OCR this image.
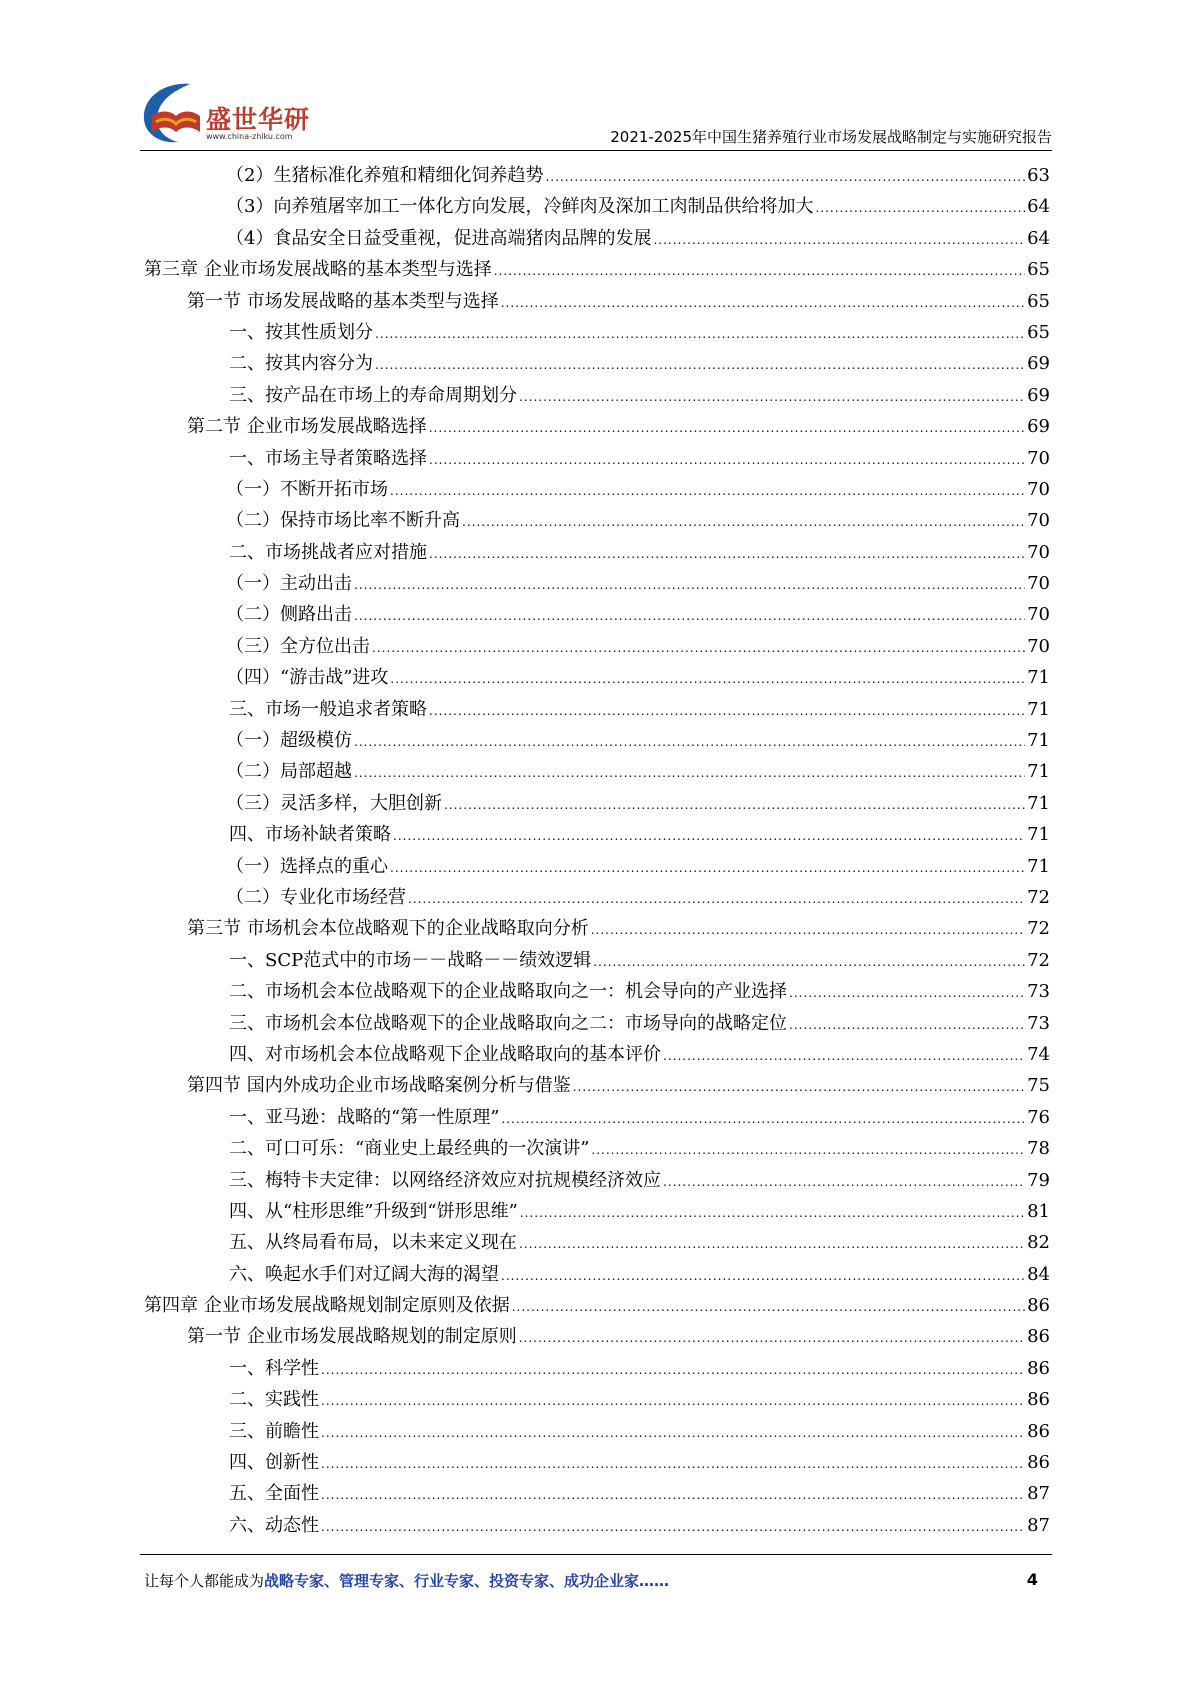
盛世华研
www.china-zhiku.com	2021-2025年中国生猪养殖行业市场发展战略制定与实施研究报告
（2）生猪标准化养殖和精细化饲养趋势 .....	63
（3）向养殖屠宰加工一体化方向发展，冷鲜肉及深加工肉制品供给将加大 .....	64
（4）食品安全日益受重视，促进高端猪肉品牌的发展 .....	64
第三章 企业市场发展战略的基本类型与选择 .....	65
第一节 市场发展战略的基本类型与选择 .....	65
一、按其性质划分 .....	65
二、按其内容分为 .....	69
三、按产品在市场上的寿命周期划分 .....	69
第二节 企业市场发展战略选择 .....	69
一、市场主导者策略选择 .....	70
（一）不断开拓市场 .....	70
（二）保持市场比率不断升高 .....	70
二、市场挑战者应对措施 .....	70
（一）主动出击 .....	70
（二）侧路出击 .....	70
（三）全方位出击 .....	70
（四）“游击战”进攻 .....	71
三、市场一般追求者策略 .....	71
（一）超级模仿 .....	71
（二）局部超越 .....	71
（三）灵活多样，大胆创新 .....	71
四、市场补缺者策略 .....	71
（一）选择点的重心 .....	71
（二）专业化市场经营 .....	72
第三节 市场机会本位战略观下的企业战略取向分析 .....	72
一、SCP范式中的市场－－战略－－绩效逻辑 .....	72
二、市场机会本位战略观下的企业战略取向之一：机会导向的产业选择 .....	73
三、市场机会本位战略观下的企业战略取向之二：市场导向的战略定位 .....	73
四、对市场机会本位战略观下企业战略取向的基本评价 .....	74
第四节 国内外成功企业市场战略案例分析与借鉴 .....	75
一、亚马逊：战略的“第一性原理” .....	76
二、可口可乐：“商业史上最经典的一次演讲” .....	78
三、梅特卡夫定律：以网络经济效应对抗规模经济效应 .....	79
四、从“柱形思维”升级到“饼形思维” .....	81
五、从终局看布局，以未来定义现在 .....	82
六、唤起水手们对辽阔大海的渴望 .....	84
第四章 企业市场发展战略规划制定原则及依据 .....	86
第一节 企业市场发展战略规划的制定原则 .....	86
一、科学性 .....	86
二、实践性 .....	86
三、前瞻性 .....	86
四、创新性 .....	86
五、全面性 .....	87
六、动态性 .....	87
让每个人都能成为战略专家、管理专家、行业专家、投资专家、成功企业家……	4
